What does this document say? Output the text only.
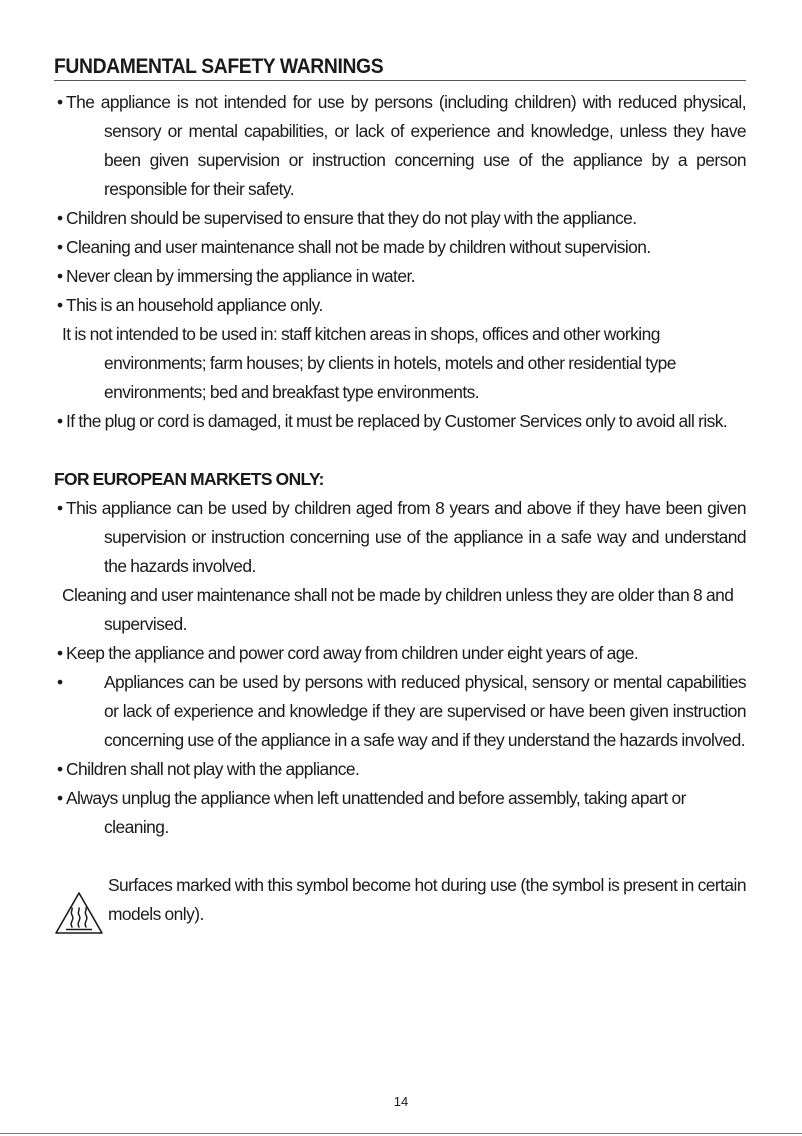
FUNDAMENTAL SAFETY WARNINGS

• The appliance is not intended for use by persons (including children) with reduced physical, sensory or mental capabilities, or lack of experience and knowledge, unless they have been given supervision or instruction concerning use of the appliance by a person responsible for their safety.

• Children should be supervised to ensure that they do not play with the appliance.

• Cleaning and user maintenance shall not be made by children without supervision.

• Never clean by immersing the appliance in water.

• This is an household appliance only.

It is not intended to be used in: staff kitchen areas in shops, offices and other working environments; farm houses; by clients in hotels, motels and other residential type environments; bed and breakfast type environments.

• If the plug or cord is damaged, it must be replaced by Customer Services only to avoid all risk.

FOR EUROPEAN MARKETS ONLY:

• This appliance can be used by children aged from 8 years and above if they have been given supervision or instruction concerning use of the appliance in a safe way and understand the hazards involved.

Cleaning and user maintenance shall not be made by children unless they are older than 8 and supervised.

• Keep the appliance and power cord away from children under eight years of age.

• Appliances can be used by persons with reduced physical, sensory or mental capabilities or lack of experience and knowledge if they are supervised or have been given instruction concerning use of the appliance in a safe way and if they understand the hazards involved.

• Children shall not play with the appliance.

• Always unplug the appliance when left unattended and before assembly, taking apart or cleaning.

Surfaces marked with this symbol become hot during use (the symbol is present in certain models only).
14
